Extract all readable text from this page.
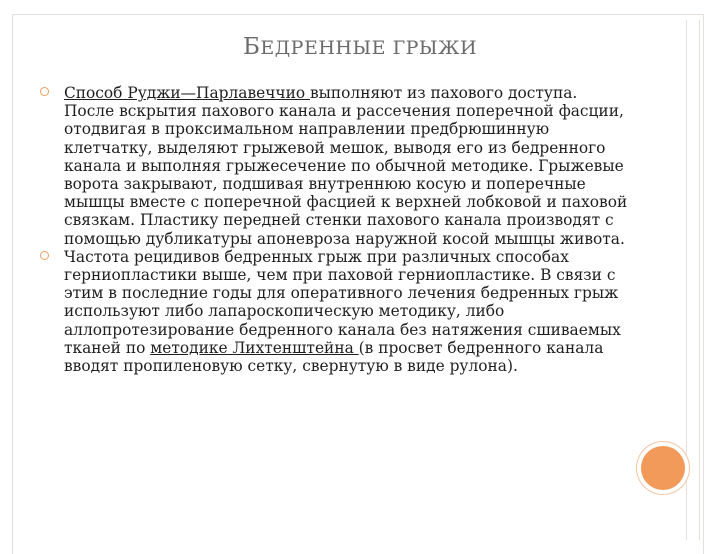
БЕДРЕННЫЕ ГРЫЖИ
Способ Руджи—Парлавеччио выполняют из пахового доступа. После вскрытия пахового канала и рассечения поперечной фасции, отодвигая в проксимальном направлении предбрюшинную клетчатку, выделяют грыжевой мешок, выводя его из бедренного канала и выполняя грыжесечение по обычной методике. Грыжевые ворота закрывают, подшивая внутреннюю косую и поперечные мышцы вместе с поперечной фасцией к верхней лобковой и паховой связкам. Пластику передней стенки пахового канала производят с помощью дубликатуры апоневроза наружной косой мышцы живота.
Частота рецидивов бедренных грыж при различных способах герниопластики выше, чем при паховой герниопластике. В связи с этим в последние годы для оперативного лечения бедренных грыж используют либо лапароскопическую методику, либо аллопротезирование бедренного канала без натяжения сшиваемых тканей по методике Лихтенштейна (в просвет бедренного канала вводят пропиленовую сетку, свернутую в виде рулона).
